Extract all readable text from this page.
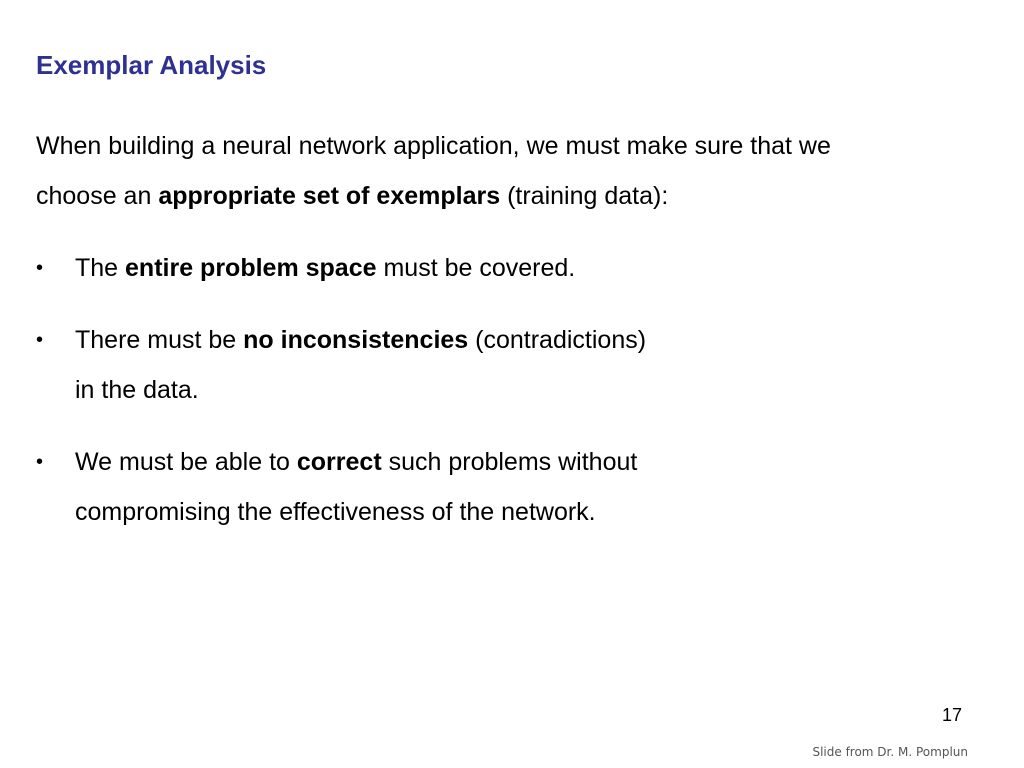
Exemplar Analysis

When building a neural network application, we must make sure that we
choose an appropriate set of exemplars (training data):

• The entire problem space must be covered.
• There must be no inconsistencies (contradictions)
in the data.
• We must be able to correct such problems without
compromising the effectiveness of the network.
17
Slide from Dr. M. Pomplun
